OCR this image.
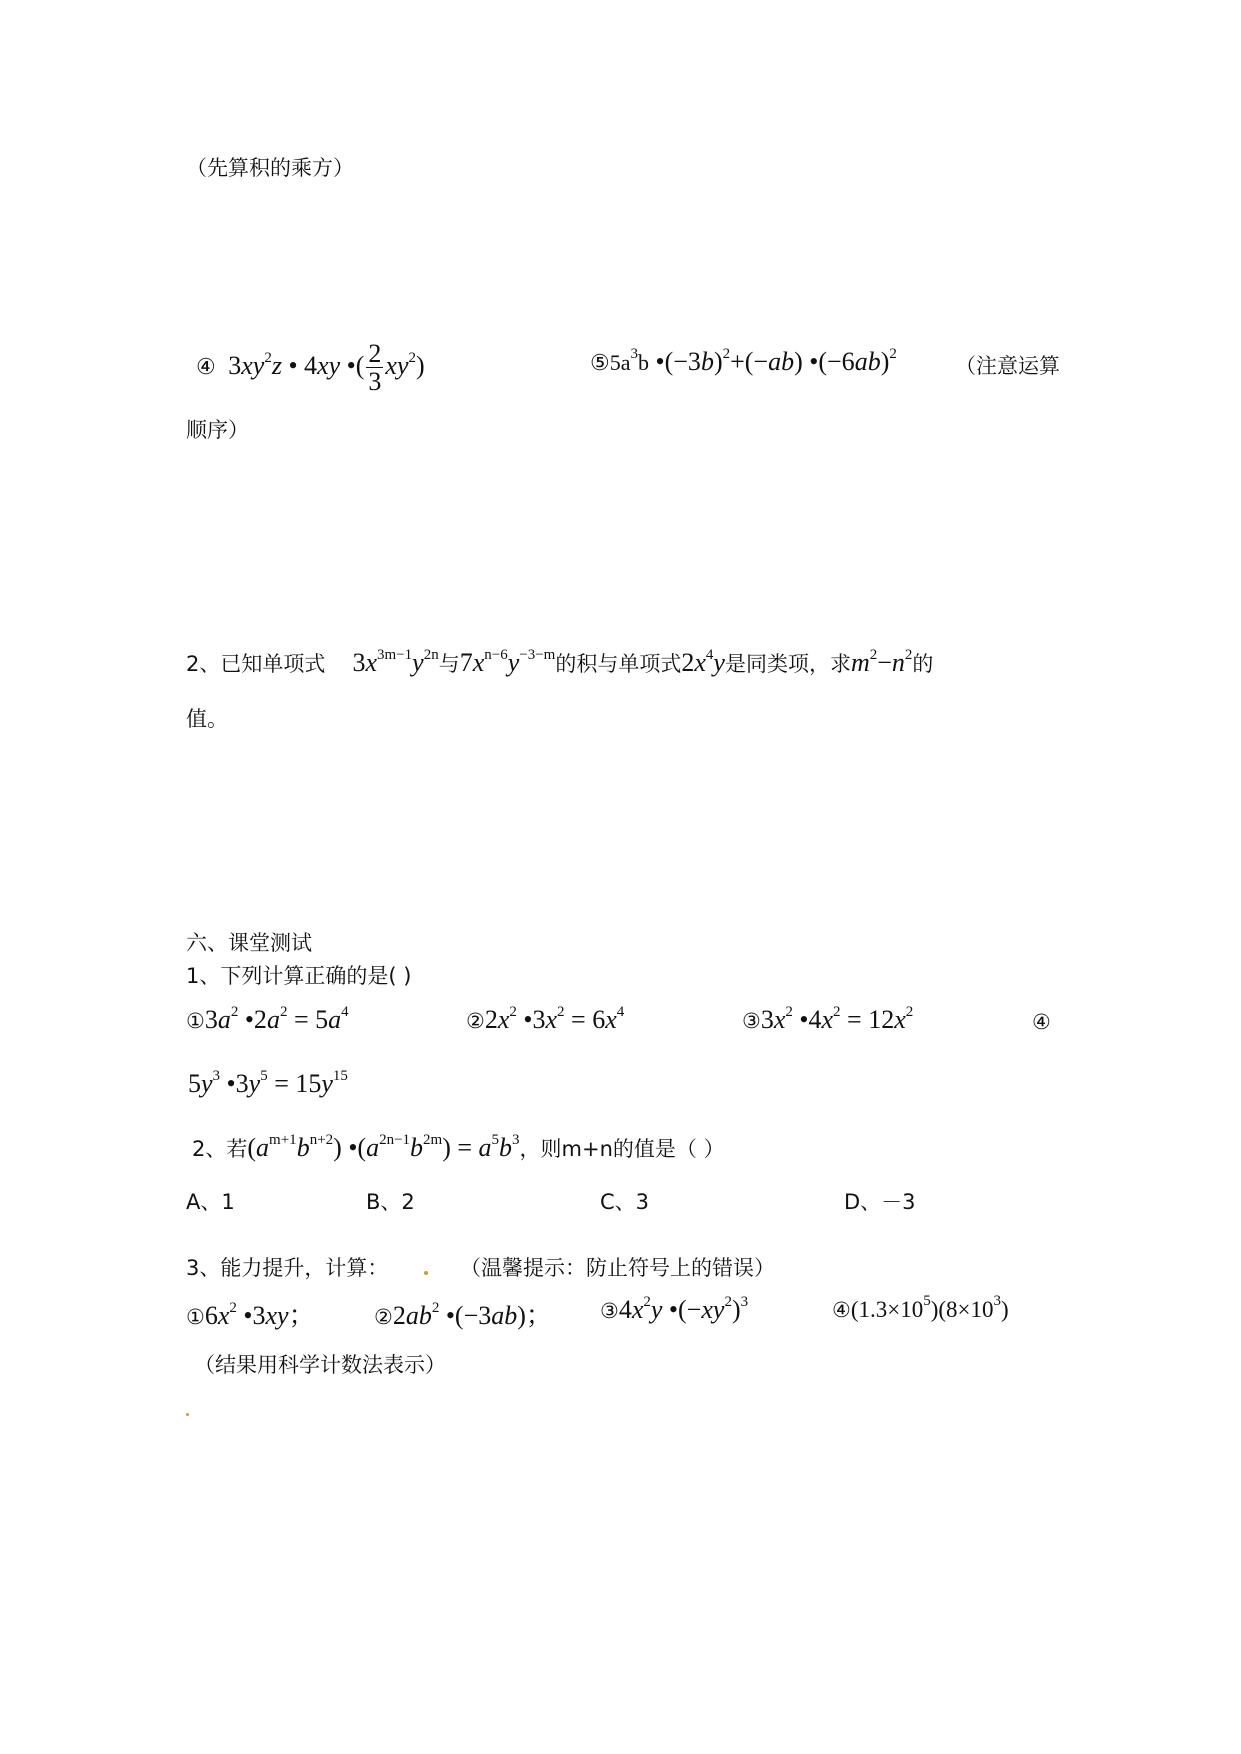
（先算积的乘方）
④ $3xy^2z$ • 4xy •( $\frac{2}{3} xy^2$)	$⑤5a^3b$ $•(-3b)^2+(-ab)$ $•(-6ab)^2$	（注意运算
顺序）
2、已知单项式 $3x^{3m-1}y^{2n}$与$7x^{n-6}y^{-3-m}$的积与单项式$2x^4y$是同类项，求$m^2-n^2$的
值。
六、课堂测试
1、下列计算正确的是( )
$①3a^2$ $•2a^2 = 5a^4$	$②2x^2$ $•3x^2 = 6x^4$	$③3x^2$ $•4x^2 = 12x^2$	④
$5y^3$ $•3y^5 = 15y^{15}$
2、若$(a^{m+1}b^{n+2})$ $•(a^{2n-1}b^{2m}) = a^5b^3$，则m+n的值是（ ）
A、1	B、2	C、3	D、－3
3、能力提升，计算：	（温馨提示：防止符号上的错误）
$①6x^2$ •3xy；	$②2ab^2$ •(−3ab)； $③4x^2y$ $•(-xy^2)^3$	$④(1.3\times 10^5)(8\times 10^3)$
（结果用科学计数法表示）
